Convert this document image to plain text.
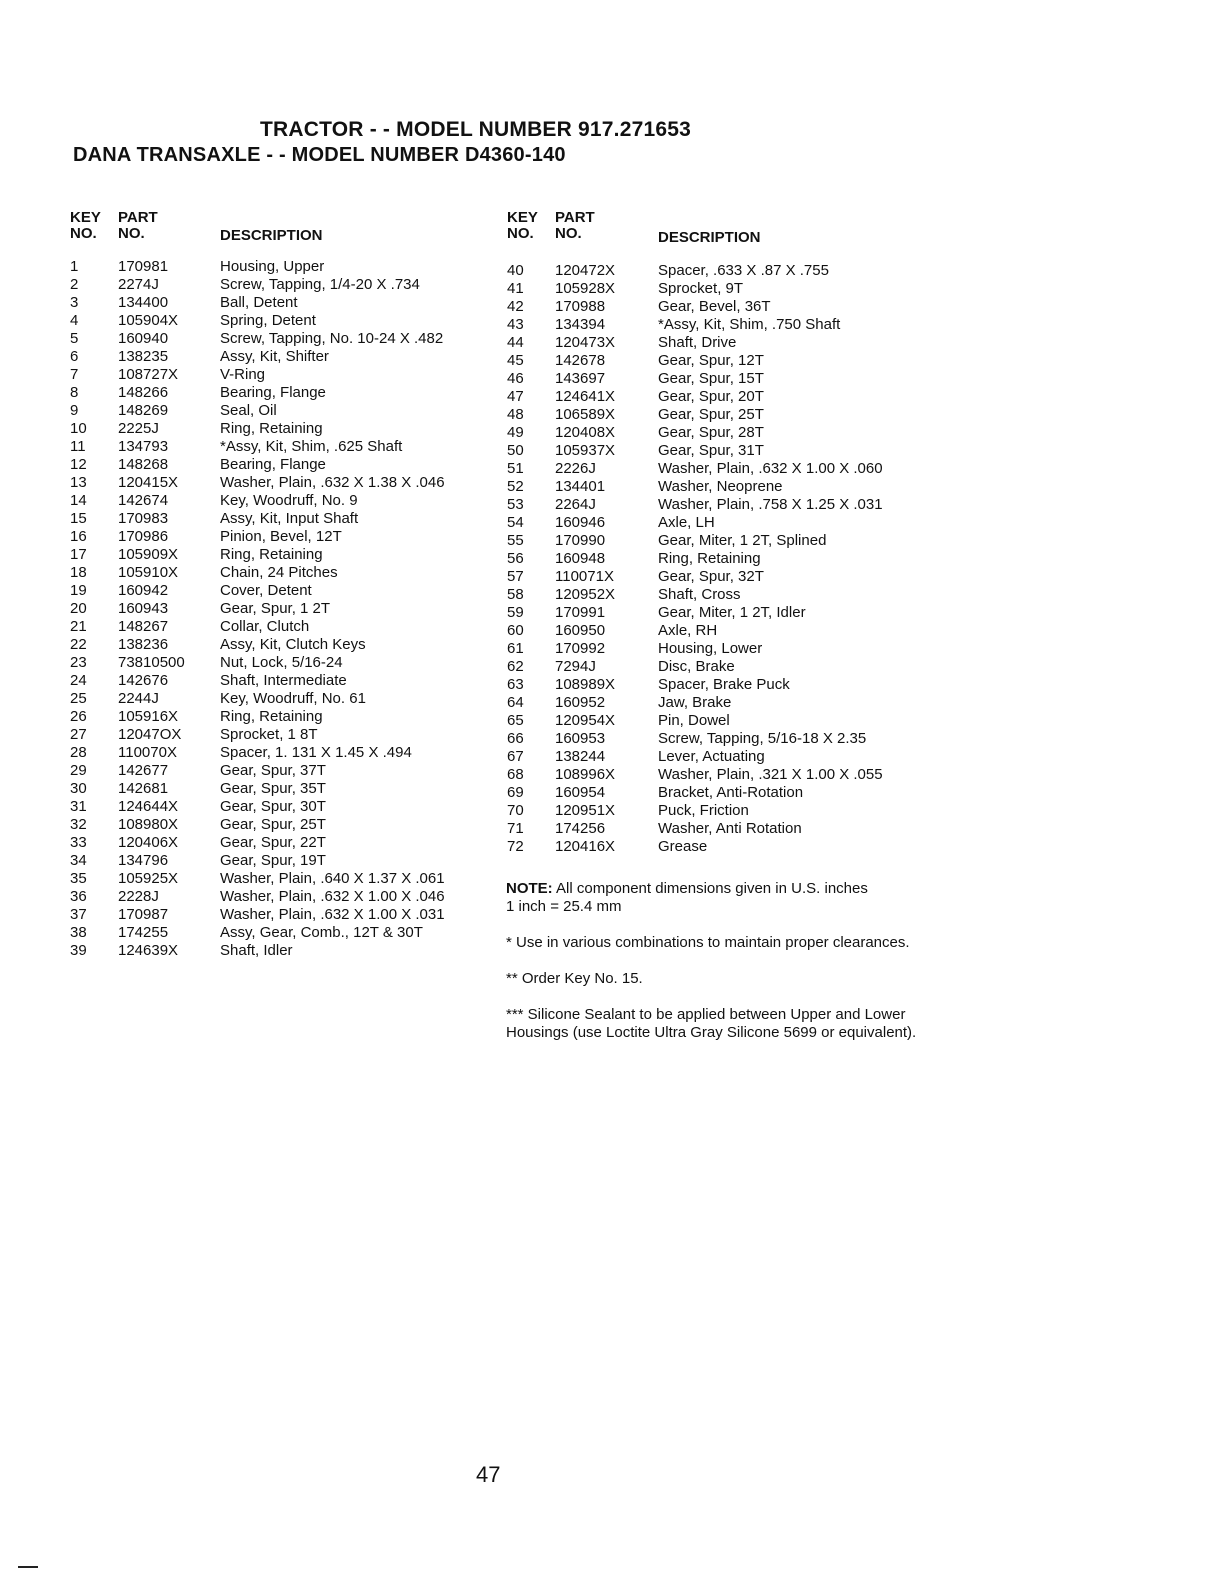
TRACTOR - - MODEL NUMBER 917.271653
DANA TRANSAXLE - - MODEL NUMBER D4360-140
KEY
NO.
PART
NO.	DESCRIPTION
1	170981	Housing, Upper
2	2274J	Screw, Tapping, 1/4-20 X .734
3	134400	Ball, Detent
4	105904X	Spring, Detent
5	160940	Screw, Tapping, No. 10-24 X .482
6	138235	Assy, Kit, Shifter
7	108727X	V-Ring
8	148266	Bearing, Flange
9	148269	Seal, Oil
10 2225J	Ring, Retaining
11 134793	*Assy, Kit, Shim, .625 Shaft
12 148268	Bearing, Flange
13 120415X	Washer, Plain, .632 X 1.38 X .046
14 142674	Key, Woodruff, No. 9
15 170983	Assy, Kit, Input Shaft
16 170986	Pinion, Bevel, 12T
17 105909X	Ring, Retaining
18 105910X	Chain, 24 Pitches
19 160942	Cover, Detent
20 160943	Gear, Spur, 1 2T
21 148267	Collar, Clutch
22 138236	Assy, Kit, Clutch Keys
23 73810500 Nut, Lock, 5/16-24
24 142676	Shaft, Intermediate
25 2244J	Key, Woodruff, No. 61
26 105916X	Ring, Retaining
27 12047OX	Sprocket, 1 8T
28 110070X	Spacer, 1. 131 X 1.45 X .494
29 142677	Gear, Spur, 37T
30 142681	Gear, Spur, 35T
31 124644X	Gear, Spur, 30T
32 108980X	Gear, Spur, 25T
33 120406X	Gear, Spur, 22T
34 134796	Gear, Spur, 19T
35 105925X	Washer, Plain, .640 X 1.37 X .061
36 2228J	Washer, Plain, .632 X 1.00 X .046
37 170987	Washer, Plain, .632 X 1.00 X .031
38 174255	Assy, Gear, Comb., 12T & 30T
39 124639X	Shaft, Idler
KEY
NO.
PART
NO.	DESCRIPTION
40 120472X	Spacer, .633 X .87 X .755
41 105928X	Sprocket, 9T
42 170988	Gear, Bevel, 36T
43 134394	*Assy, Kit, Shim, .750 Shaft
44 120473X	Shaft, Drive
45 142678	Gear, Spur, 12T
46 143697	Gear, Spur, 15T
47 124641X	Gear, Spur, 20T
48 106589X	Gear, Spur, 25T
49 120408X	Gear, Spur, 28T
50 105937X	Gear, Spur, 31T
51 2226J	Washer, Plain, .632 X 1.00 X .060
52 134401	Washer, Neoprene
53 2264J	Washer, Plain, .758 X 1.25 X .031
54 160946	Axle, LH
55 170990	Gear, Miter, 1 2T, Splined
56 160948	Ring, Retaining
57 110071X	Gear, Spur, 32T
58 120952X	Shaft, Cross
59 170991	Gear, Miter, 1 2T, Idler
60 160950	Axle, RH
61 170992	Housing, Lower
62 7294J	Disc, Brake
63 108989X	Spacer, Brake Puck
64 160952	Jaw, Brake
65 120954X	Pin, Dowel
66 160953	Screw, Tapping, 5/16-18 X 2.35
67 138244	Lever, Actuating
68 108996X	Washer, Plain, .321 X 1.00 X .055
69 160954	Bracket, Anti-Rotation
70 120951X	Puck, Friction
71 174256	Washer, Anti Rotation
72 120416X	Grease

NOTE: All component dimensions given in U.S. inches
1 inch = 25.4 mm

* Use in various combinations to maintain proper clearances.

** Order Key No. 15.

*** Silicone Sealant to be applied between Upper and Lower Housings (use Loctite Ultra Gray Silicone 5699 or equivalent).

47
